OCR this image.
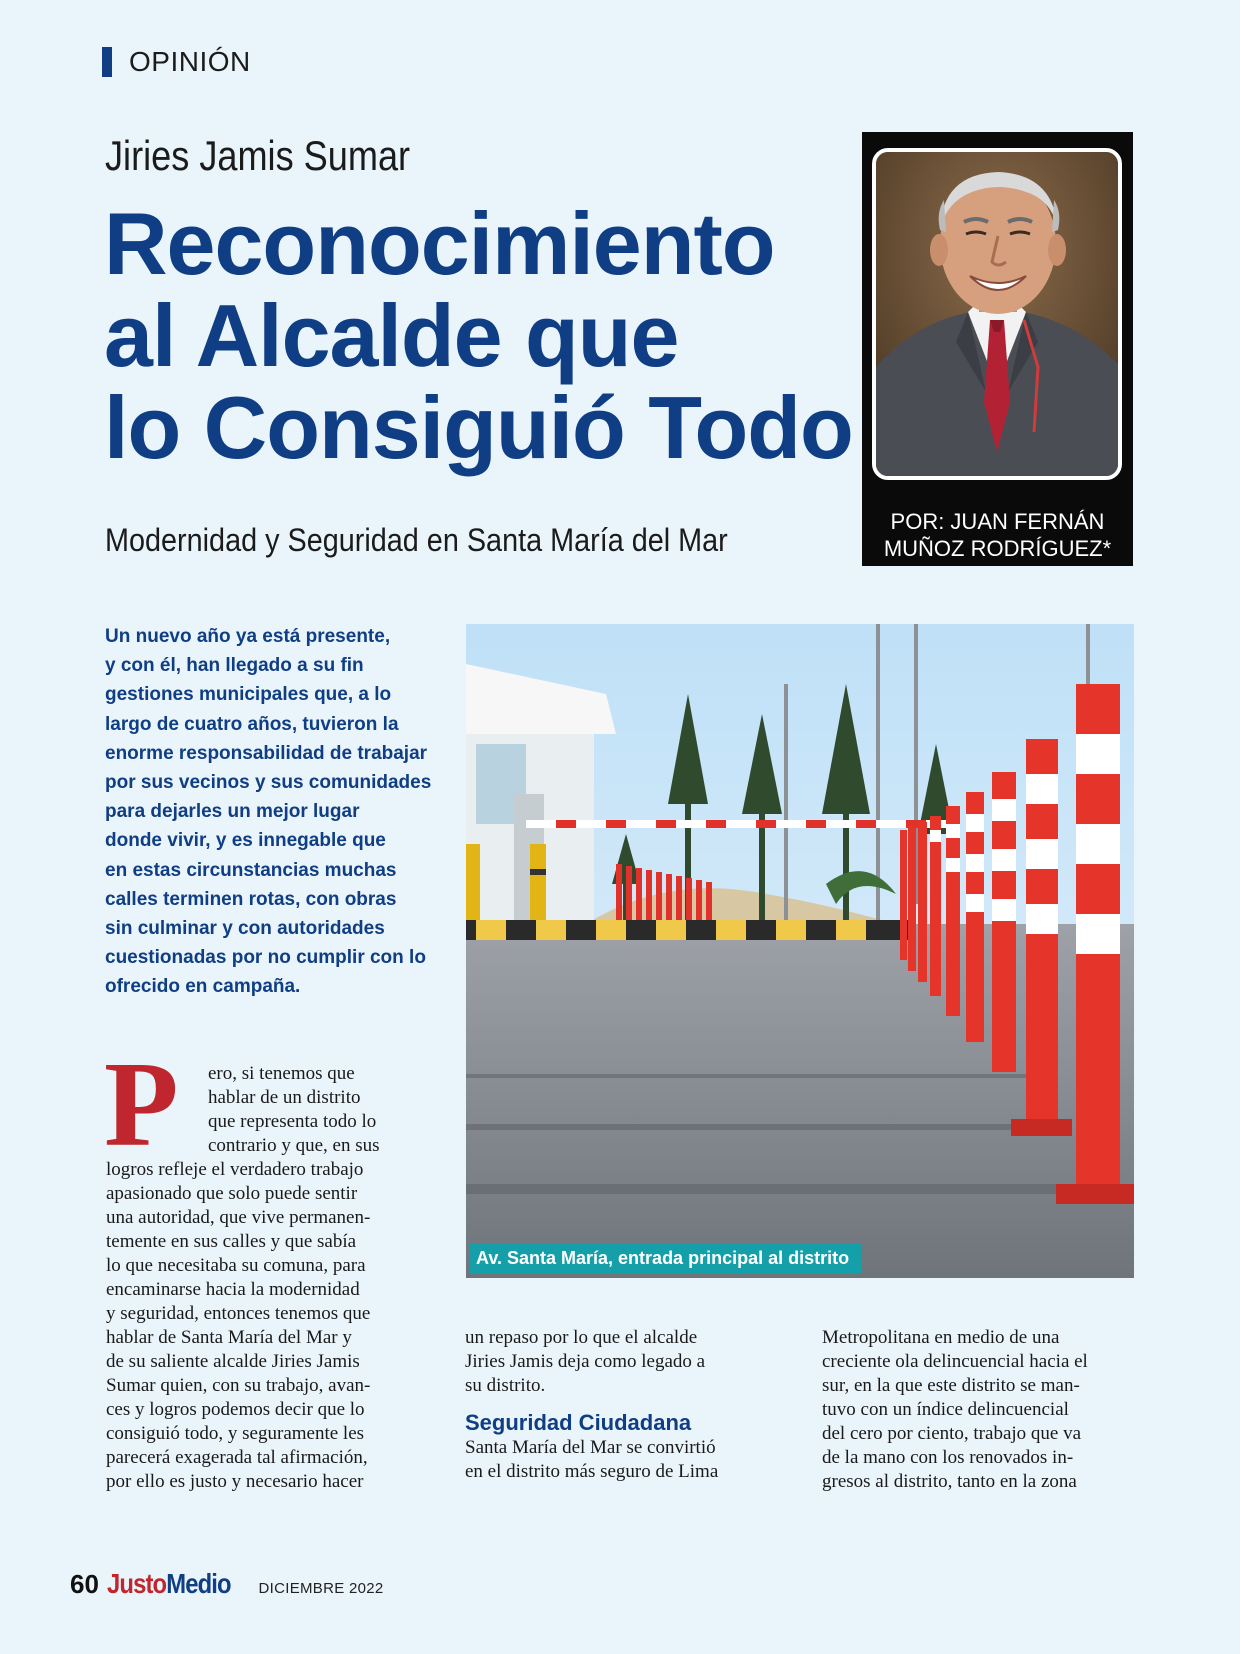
OPINIÓN
Jiries Jamis Sumar
Reconocimiento
al Alcalde que
lo Consiguió Todo
Modernidad y Seguridad en Santa María del Mar
POR: JUAN FERNÁN
MUÑOZ RODRÍGUEZ*

Un nuevo año ya está presente,
y con él, han llegado a su fin
gestiones municipales que, a lo
largo de cuatro años, tuvieron la
enorme responsabilidad de trabajar
por sus vecinos y sus comunidades
para dejarles un mejor lugar
donde vivir, y es innegable que
en estas circunstancias muchas
calles terminen rotas, con obras
sin culminar y con autoridades
cuestionadas por no cumplir con lo
ofrecido en campaña.

Av. Santa María, entrada principal al distrito
P	ero, si tenemos que
hablar de un distrito
que representa todo lo
contrario y que, en sus
logros refleje el verdadero trabajo
apasionado que solo puede sentir
una autoridad, que vive permanen-
temente en sus calles y que sabía
lo que necesitaba su comuna, para
encaminarse hacia la modernidad
y seguridad, entonces tenemos que
hablar de Santa María del Mar y
de su saliente alcalde Jiries Jamis
Sumar quien, con su trabajo, avan-
ces y logros podemos decir que lo
consiguió todo, y seguramente les
parecerá exagerada tal afirmación,
por ello es justo y necesario hacer
un repaso por lo que el alcalde
Jiries Jamis deja como legado a
su distrito.
Seguridad Ciudadana
Santa María del Mar se convirtió
en el distrito más seguro de Lima
Metropolitana en medio de una
creciente ola delincuencial hacia el
sur, en la que este distrito se man-
tuvo con un índice delincuencial
del cero por ciento, trabajo que va
de la mano con los renovados in-
gresos al distrito, tanto en la zona
60 JustoMedio DICIEMBRE 2022
